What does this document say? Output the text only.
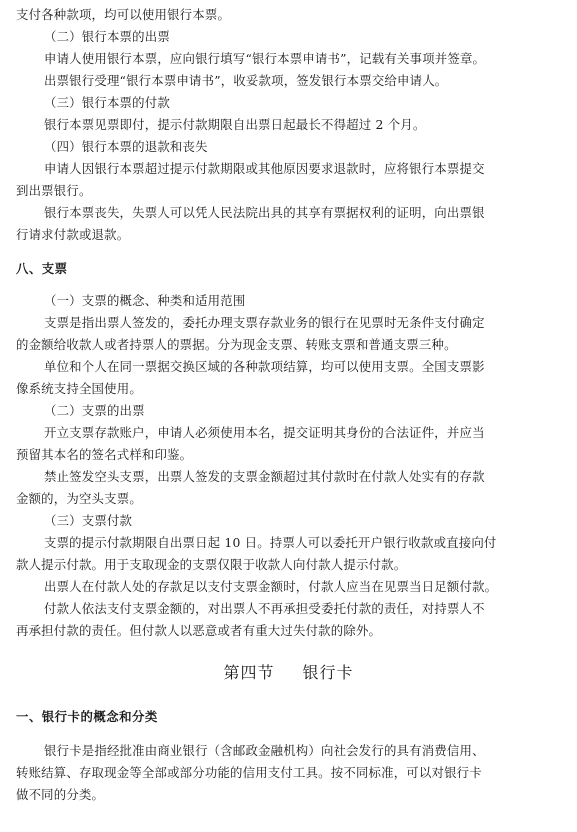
支付各种款项，均可以使用银行本票。
（二）银行本票的出票
申请人使用银行本票，应向银行填写“银行本票申请书”，记载有关事项并签章。
出票银行受理“银行本票申请书”，收妥款项，签发银行本票交给申请人。
（三）银行本票的付款
银行本票见票即付，提示付款期限自出票日起最长不得超过 2 个月。
（四）银行本票的退款和丧失
申请人因银行本票超过提示付款期限或其他原因要求退款时，应将银行本票提交
到出票银行。
银行本票丧失，失票人可以凭人民法院出具的其享有票据权利的证明，向出票银
行请求付款或退款。
八、支票
（一）支票的概念、种类和适用范围
支票是指出票人签发的，委托办理支票存款业务的银行在见票时无条件支付确定
的金额给收款人或者持票人的票据。分为现金支票、转账支票和普通支票三种。
单位和个人在同一票据交换区域的各种款项结算，均可以使用支票。全国支票影
像系统支持全国使用。
（二）支票的出票
开立支票存款账户，申请人必须使用本名，提交证明其身份的合法证件，并应当
预留其本名的签名式样和印鉴。
禁止签发空头支票，出票人签发的支票金额超过其付款时在付款人处实有的存款
金额的，为空头支票。
（三）支票付款
支票的提示付款期限自出票日起 10 日。持票人可以委托开户银行收款或直接向付
款人提示付款。用于支取现金的支票仅限于收款人向付款人提示付款。
出票人在付款人处的存款足以支付支票金额时，付款人应当在见票当日足额付款。
付款人依法支付支票金额的，对出票人不再承担受委托付款的责任，对持票人不
再承担付款的责任。但付款人以恶意或者有重大过失付款的除外。
第四节 银行卡
一、银行卡的概念和分类
银行卡是指经批准由商业银行（含邮政金融机构）向社会发行的具有消费信用、
转账结算、存取现金等全部或部分功能的信用支付工具。按不同标准，可以对银行卡
做不同的分类。
